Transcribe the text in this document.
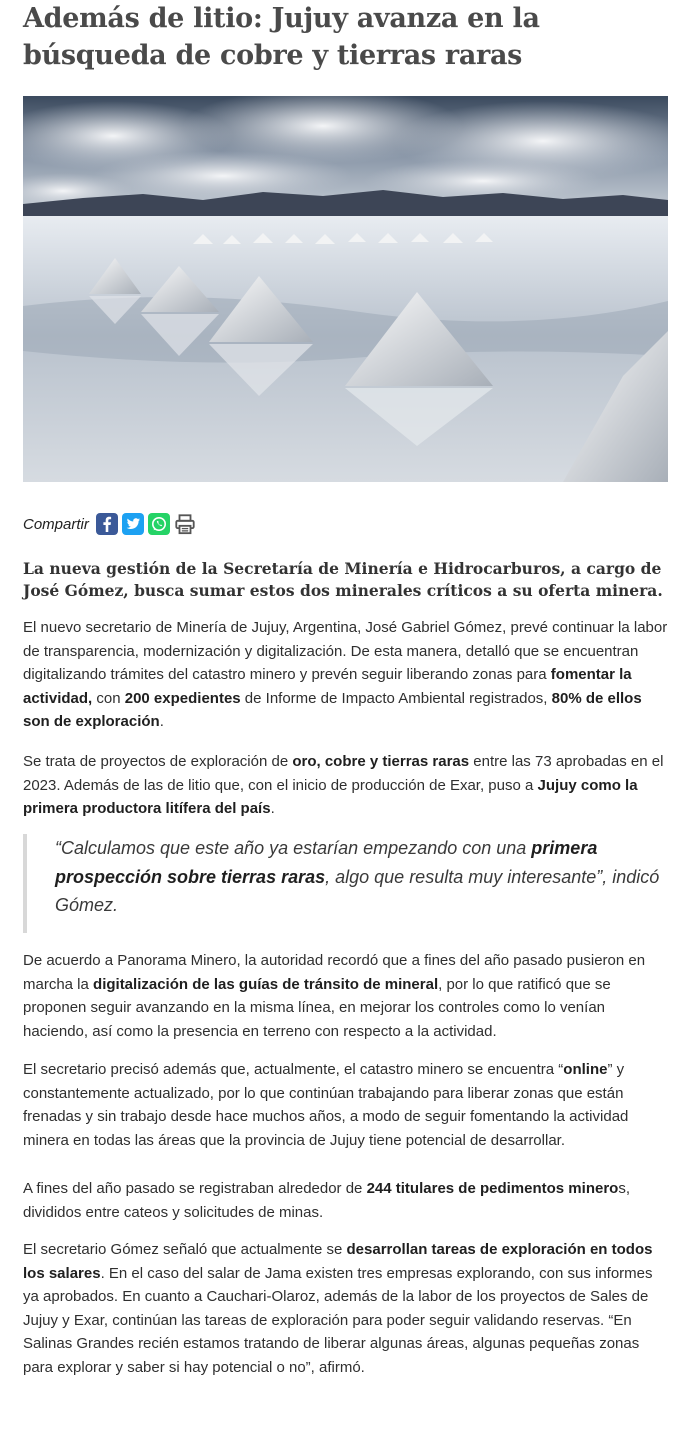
Además de litio: Jujuy avanza en la búsqueda de cobre y tierras raras
Compartir

La nueva gestión de la Secretaría de Minería e Hidrocarburos, a cargo de José Gómez, busca sumar estos dos minerales críticos a su oferta minera.

El nuevo secretario de Minería de Jujuy, Argentina, José Gabriel Gómez, prevé continuar la labor de transparencia, modernización y digitalización. De esta manera, detalló que se encuentran digitalizando trámites del catastro minero y prevén seguir liberando zonas para fomentar la actividad, con 200 expedientes de Informe de Impacto Ambiental registrados, 80% de ellos son de exploración.

Se trata de proyectos de exploración de oro, cobre y tierras raras entre las 73 aprobadas en el 2023. Además de las de litio que, con el inicio de producción de Exar, puso a Jujuy como la primera productora litífera del país.

“Calculamos que este año ya estarían empezando con una primera prospección sobre tierras raras, algo que resulta muy interesante”, indicó Gómez.

De acuerdo a Panorama Minero, la autoridad recordó que a fines del año pasado pusieron en marcha la digitalización de las guías de tránsito de mineral, por lo que ratificó que se proponen seguir avanzando en la misma línea, en mejorar los controles como lo venían haciendo, así como la presencia en terreno con respecto a la actividad.

El secretario precisó además que, actualmente, el catastro minero se encuentra “online” y constantemente actualizado, por lo que continúan trabajando para liberar zonas que están frenadas y sin trabajo desde hace muchos años, a modo de seguir fomentando la actividad minera en todas las áreas que la provincia de Jujuy tiene potencial de desarrollar.

A fines del año pasado se registraban alrededor de 244 titulares de pedimentos mineros, divididos entre cateos y solicitudes de minas.

El secretario Gómez señaló que actualmente se desarrollan tareas de exploración en todos los salares. En el caso del salar de Jama existen tres empresas explorando, con sus informes ya aprobados. En cuanto a Cauchari-Olaroz, además de la labor de los proyectos de Sales de Jujuy y Exar, continúan las tareas de exploración para poder seguir validando reservas. “En Salinas Grandes recién estamos tratando de liberar algunas áreas, algunas pequeñas zonas para explorar y saber si hay potencial o no”, afirmó.
